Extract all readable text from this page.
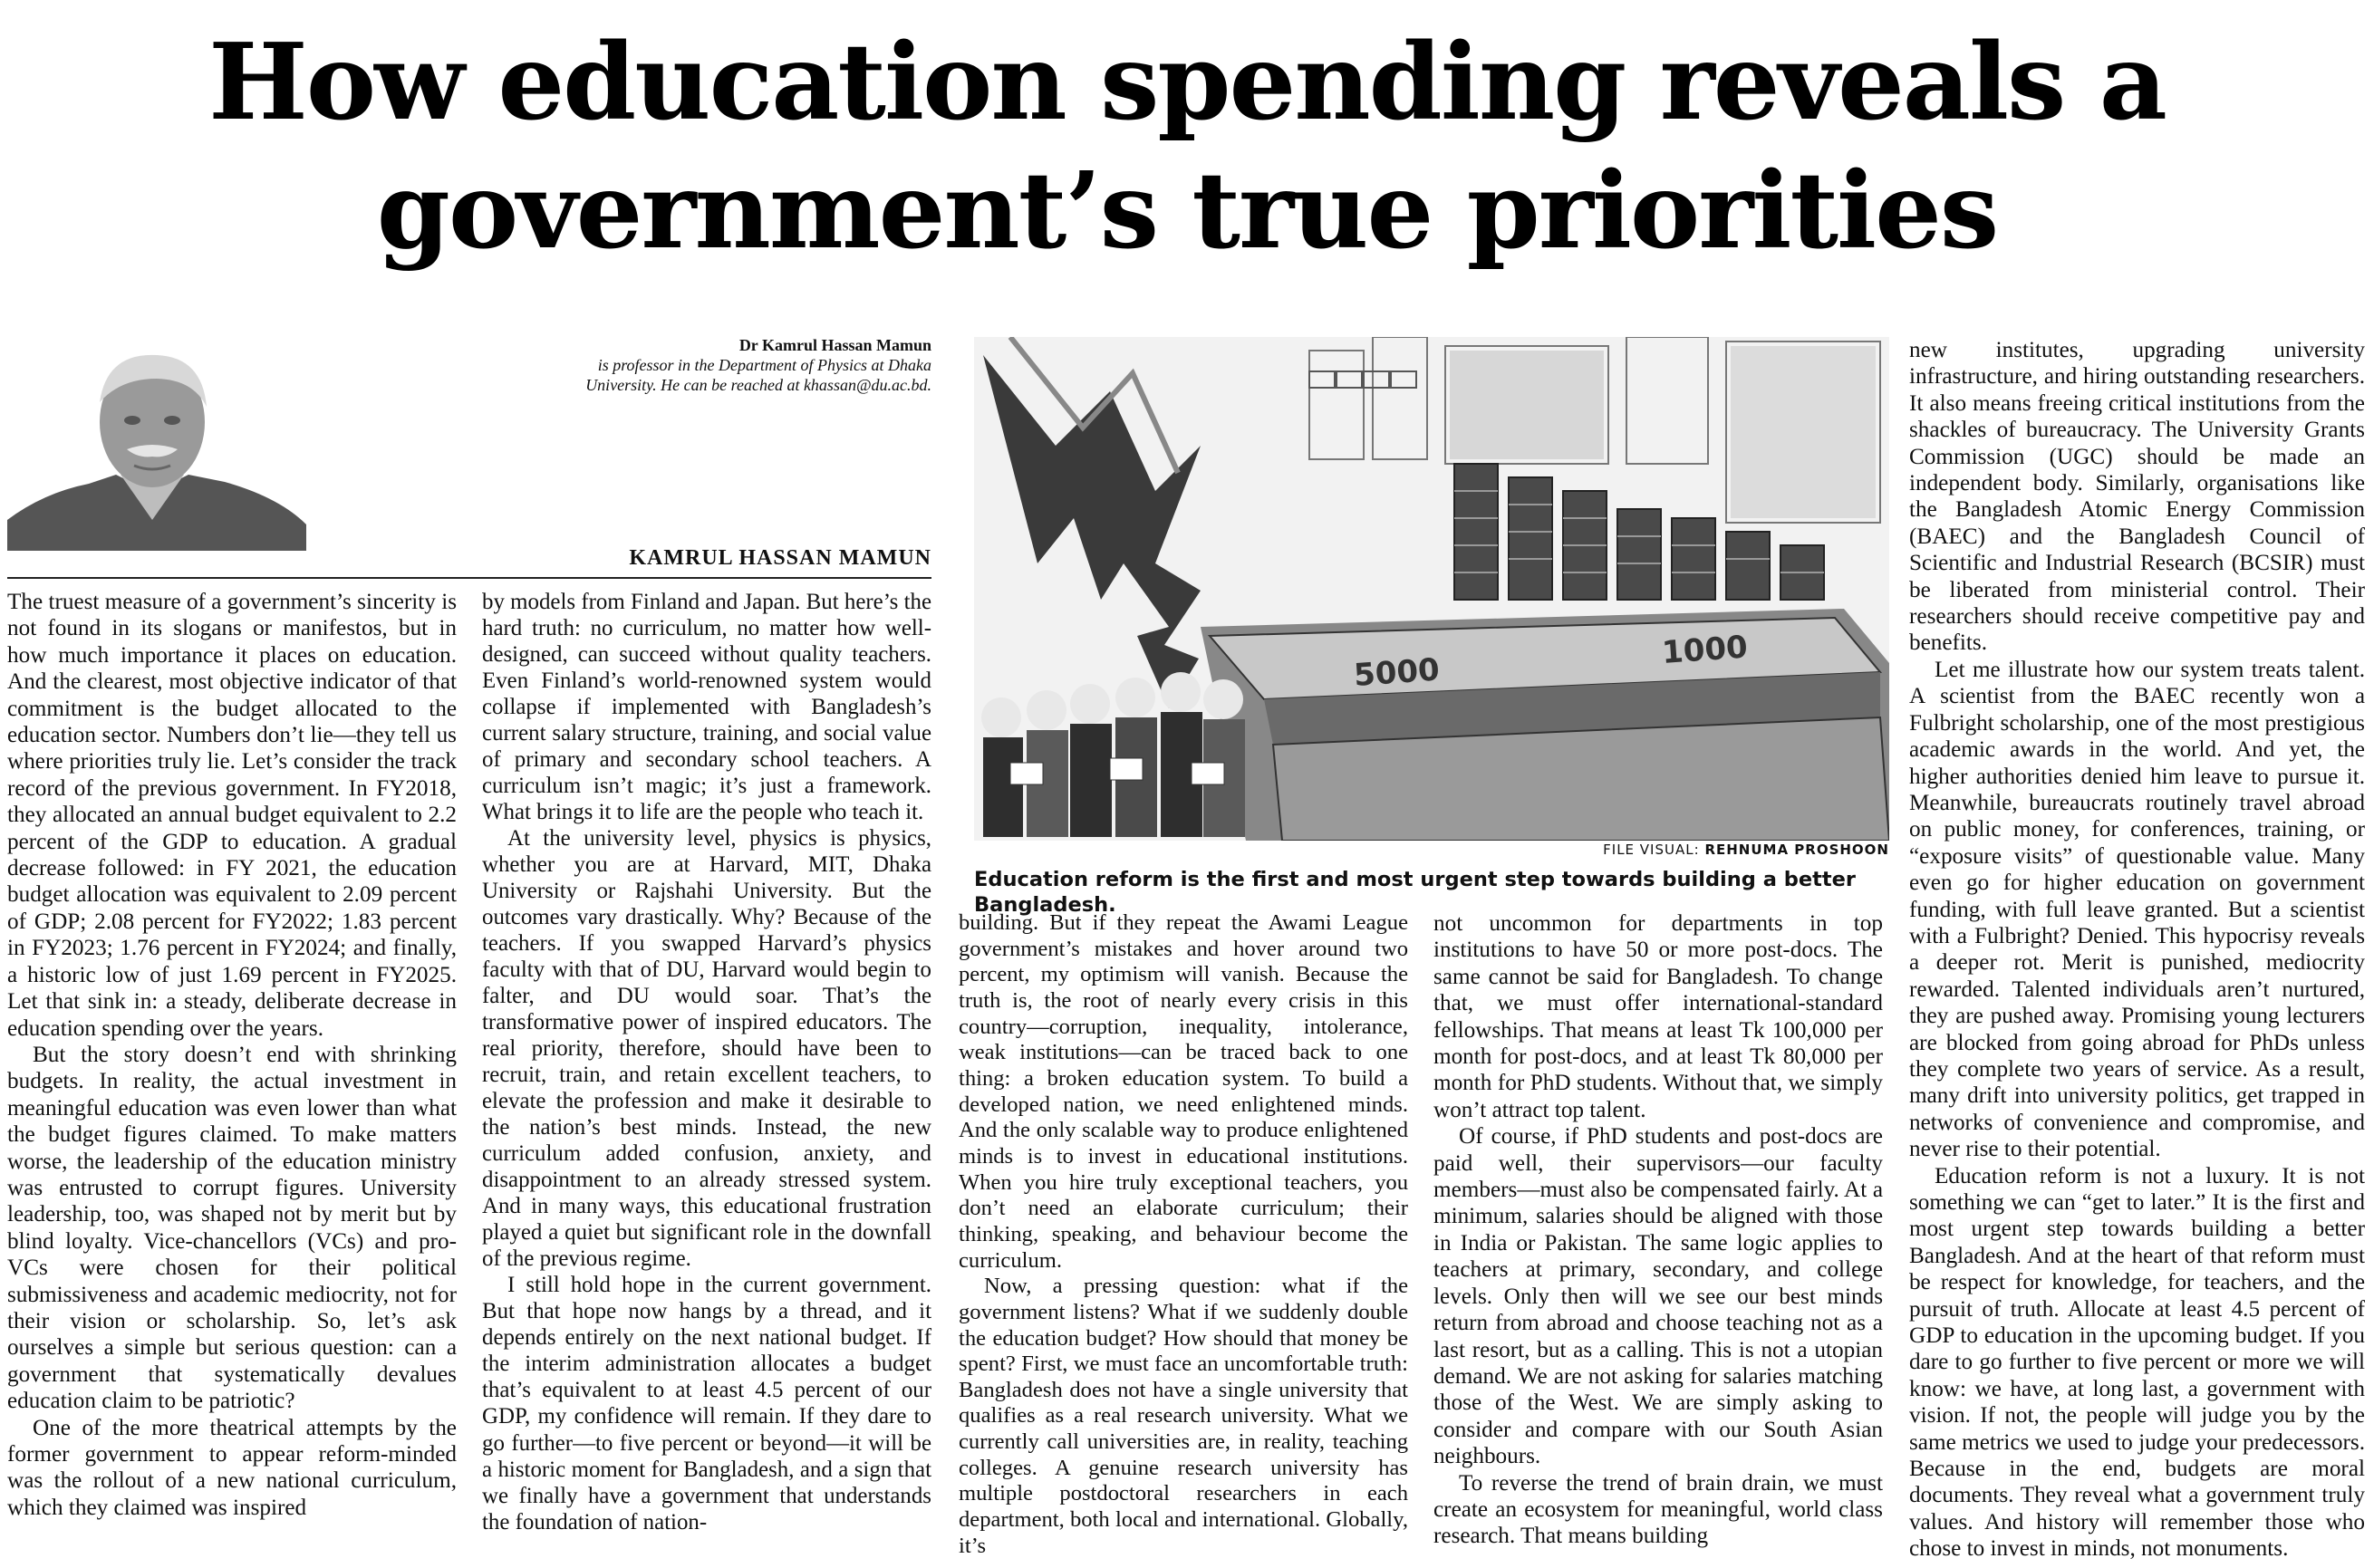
How education spending reveals a
government’s true priorities
Dr Kamrul Hassan Mamun
is professor in the Department of Physics at Dhaka
University. He can be reached at khassan@du.ac.bd.
KAMRUL HASSAN MAMUN
5000
1000
FILE VISUAL: REHNUMA PROSHOON
Education reform is the first and most urgent step towards building a better Bangladesh.

The truest measure of a government’s sincerity is not found in its slogans or manifestos, but in how much importance it places on education. And the clearest, most objective indicator of that commitment is the budget allocated to the education sector. Numbers don’t lie—they tell us where priorities truly lie. Let’s consider the track record of the previous government. In FY2018, they allocated an annual budget equivalent to 2.2 percent of the GDP to education. A gradual decrease followed: in FY 2021, the education budget allocation was equivalent to 2.09 percent of GDP; 2.08 percent for FY2022; 1.83 percent in FY2023; 1.76 percent in FY2024; and finally, a historic low of just 1.69 percent in FY2025. Let that sink in: a steady, deliberate decrease in education spending over the years.

But the story doesn’t end with shrinking budgets. In reality, the actual investment in meaningful education was even lower than what the budget figures claimed. To make matters worse, the leadership of the education ministry was entrusted to corrupt figures. University leadership, too, was shaped not by merit but by blind loyalty. Vice-chancellors (VCs) and pro-VCs were chosen for their political submissiveness and academic mediocrity, not for their vision or scholarship. So, let’s ask ourselves a simple but serious question: can a government that systematically devalues education claim to be patriotic?

One of the more theatrical attempts by the former government to appear reform-minded was the rollout of a new national curriculum, which they claimed was inspired

by models from Finland and Japan. But here’s the hard truth: no curriculum, no matter how well-designed, can succeed without quality teachers. Even Finland’s world-renowned system would collapse if implemented with Bangladesh’s current salary structure, training, and social value of primary and secondary school teachers. A curriculum isn’t magic; it’s just a framework. What brings it to life are the people who teach it.

At the university level, physics is physics, whether you are at Harvard, MIT, Dhaka University or Rajshahi University. But the outcomes vary drastically. Why? Because of the teachers. If you swapped Harvard’s physics faculty with that of DU, Harvard would begin to falter, and DU would soar. That’s the transformative power of inspired educators. The real priority, therefore, should have been to recruit, train, and retain excellent teachers, to elevate the profession and make it desirable to the nation’s best minds. Instead, the new curriculum added confusion, anxiety, and disappointment to an already stressed system. And in many ways, this educational frustration played a quiet but significant role in the downfall of the previous regime.

I still hold hope in the current government. But that hope now hangs by a thread, and it depends entirely on the next national budget. If the interim administration allocates a budget that’s equivalent to at least 4.5 percent of our GDP, my confidence will remain. If they dare to go further—to five percent or beyond—it will be a historic moment for Bangladesh, and a sign that we finally have a government that understands the foundation of nation-

building. But if they repeat the Awami League government’s mistakes and hover around two percent, my optimism will vanish. Because the truth is, the root of nearly every crisis in this country—corruption, inequality, intolerance, weak institutions—can be traced back to one thing: a broken education system. To build a developed nation, we need enlightened minds. And the only scalable way to produce enlightened minds is to invest in educational institutions. When you hire truly exceptional teachers, you don’t need an elaborate curriculum; their thinking, speaking, and behaviour become the curriculum.

Now, a pressing question: what if the government listens? What if we suddenly double the education budget? How should that money be spent? First, we must face an uncomfortable truth: Bangladesh does not have a single university that qualifies as a real research university. What we currently call universities are, in reality, teaching colleges. A genuine research university has multiple postdoctoral researchers in each department, both local and international. Globally, it’s

not uncommon for departments in top institutions to have 50 or more post-docs. The same cannot be said for Bangladesh. To change that, we must offer international-standard fellowships. That means at least Tk 100,000 per month for post-docs, and at least Tk 80,000 per month for PhD students. Without that, we simply won’t attract top talent.

Of course, if PhD students and post-docs are paid well, their supervisors—our faculty members—must also be compensated fairly. At a minimum, salaries should be aligned with those in India or Pakistan. The same logic applies to teachers at primary, secondary, and college levels. Only then will we see our best minds return from abroad and choose teaching not as a last resort, but as a calling. This is not a utopian demand. We are not asking for salaries matching those of the West. We are simply asking to consider and compare with our South Asian neighbours.

To reverse the trend of brain drain, we must create an ecosystem for meaningful, world class research. That means building

new institutes, upgrading university infrastructure, and hiring outstanding researchers. It also means freeing critical institutions from the shackles of bureaucracy. The University Grants Commission (UGC) should be made an independent body. Similarly, organisations like the Bangladesh Atomic Energy Commission (BAEC) and the Bangladesh Council of Scientific and Industrial Research (BCSIR) must be liberated from ministerial control. Their researchers should receive competitive pay and benefits.

Let me illustrate how our system treats talent. A scientist from the BAEC recently won a Fulbright scholarship, one of the most prestigious academic awards in the world. And yet, the higher authorities denied him leave to pursue it. Meanwhile, bureaucrats routinely travel abroad on public money, for conferences, training, or “exposure visits” of questionable value. Many even go for higher education on government funding, with full leave granted. But a scientist with a Fulbright? Denied. This hypocrisy reveals a deeper rot. Merit is punished, mediocrity rewarded. Talented individuals aren’t nurtured, they are pushed away. Promising young lecturers are blocked from going abroad for PhDs unless they complete two years of service. As a result, many drift into university politics, get trapped in networks of convenience and compromise, and never rise to their potential.

Education reform is not a luxury. It is not something we can “get to later.” It is the first and most urgent step towards building a better Bangladesh. And at the heart of that reform must be respect for knowledge, for teachers, and the pursuit of truth. Allocate at least 4.5 percent of GDP to education in the upcoming budget. If you dare to go further to five percent or more we will know: we have, at long last, a government with vision. If not, the people will judge you by the same metrics we used to judge your predecessors. Because in the end, budgets are moral documents. They reveal what a government truly values. And history will remember those who chose to invest in minds, not monuments.
